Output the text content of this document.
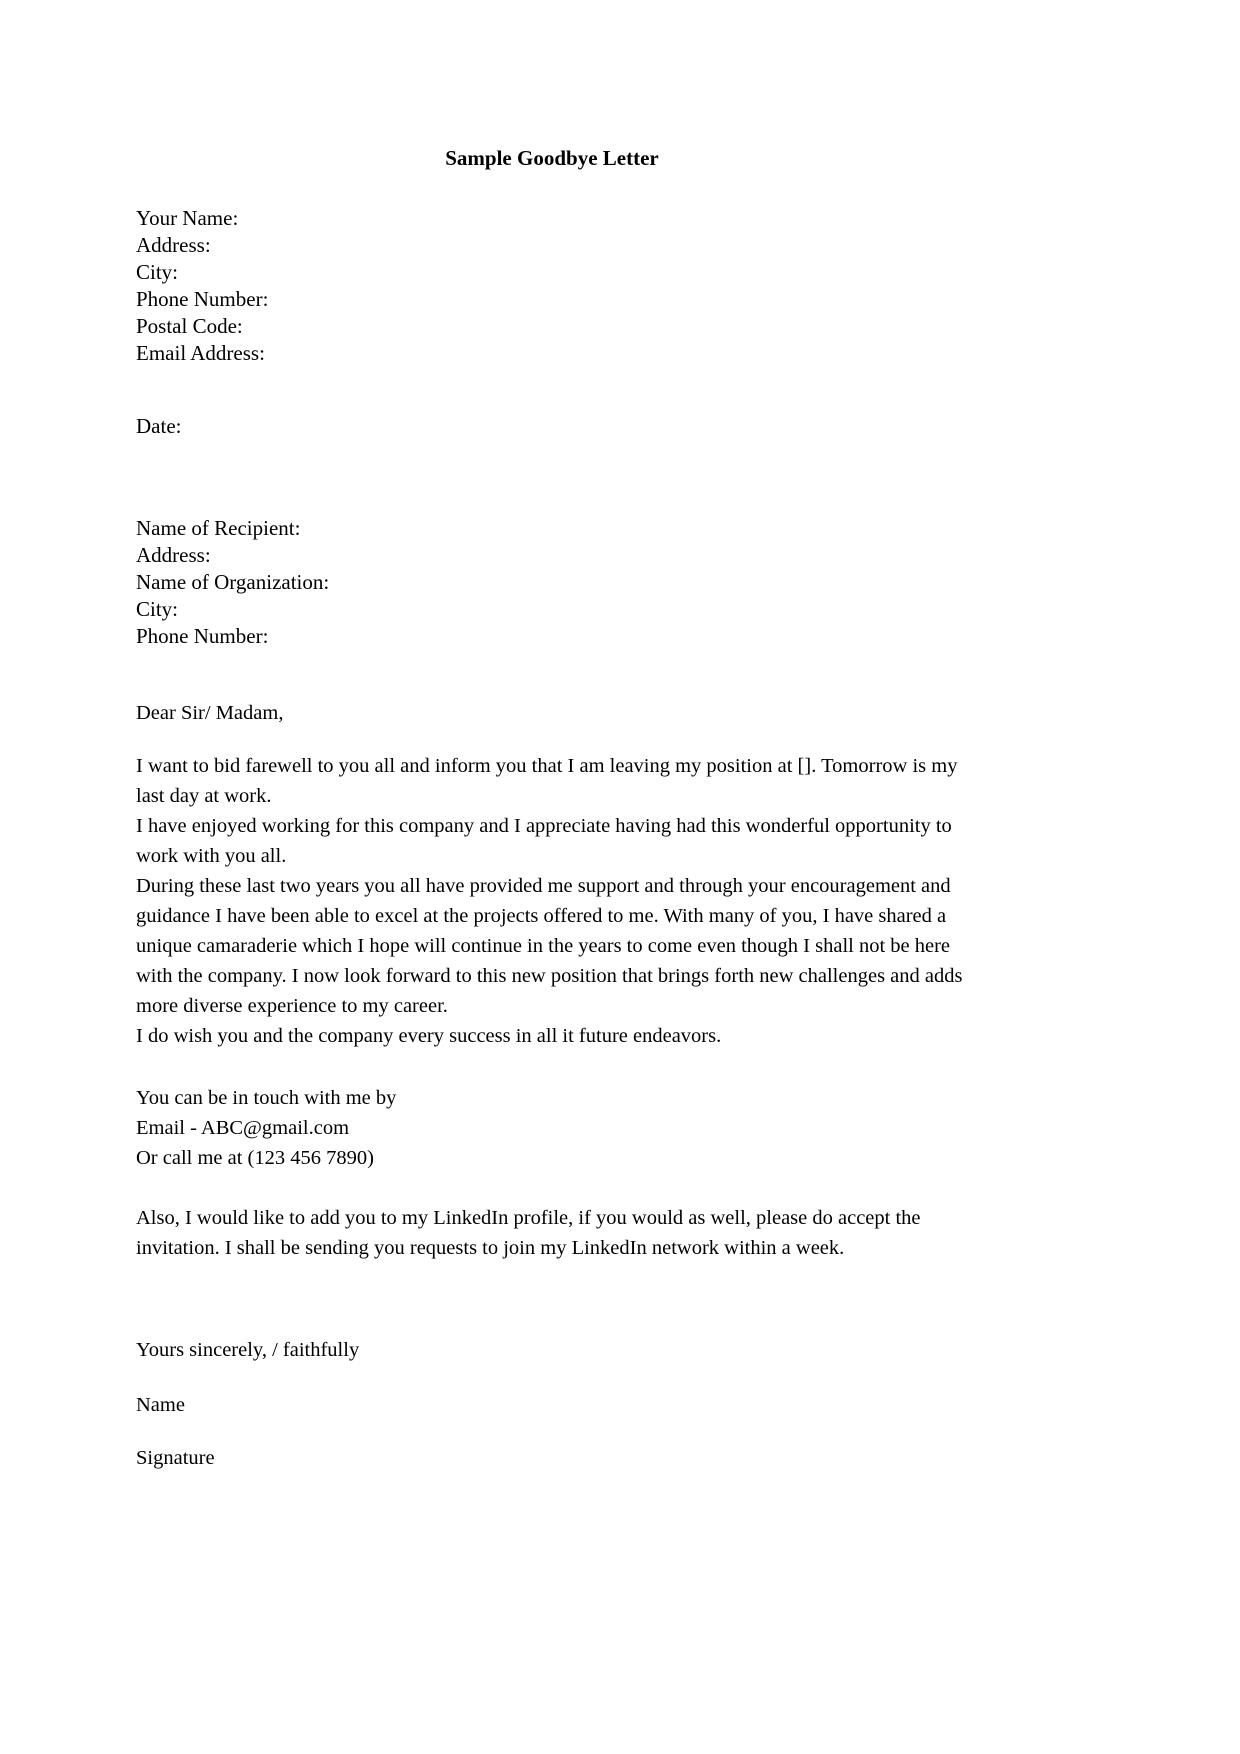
Sample Goodbye Letter

Your Name:

Address:

City:

Phone Number:

Postal Code:

Email Address:

Date:

Name of Recipient:

Address:

Name of Organization:

City:

Phone Number:

Dear Sir/ Madam,

I want to bid farewell to you all and inform you that I am leaving my position at []. Tomorrow is my last day at work.

I have enjoyed working for this company and I appreciate having had this wonderful opportunity to work with you all.

During these last two years you all have provided me support and through your encouragement and guidance I have been able to excel at the projects offered to me. With many of you, I have shared a unique camaraderie which I hope will continue in the years to come even though I shall not be here with the company. I now look forward to this new position that brings forth new challenges and adds more diverse experience to my career.

I do wish you and the company every success in all it future endeavors.

You can be in touch with me by

Email - ABC@gmail.com

Or call me at (123 456 7890)

Also, I would like to add you to my LinkedIn profile, if you would as well, please do accept the invitation. I shall be sending you requests to join my LinkedIn network within a week.

Yours sincerely, / faithfully
Name
Signature
